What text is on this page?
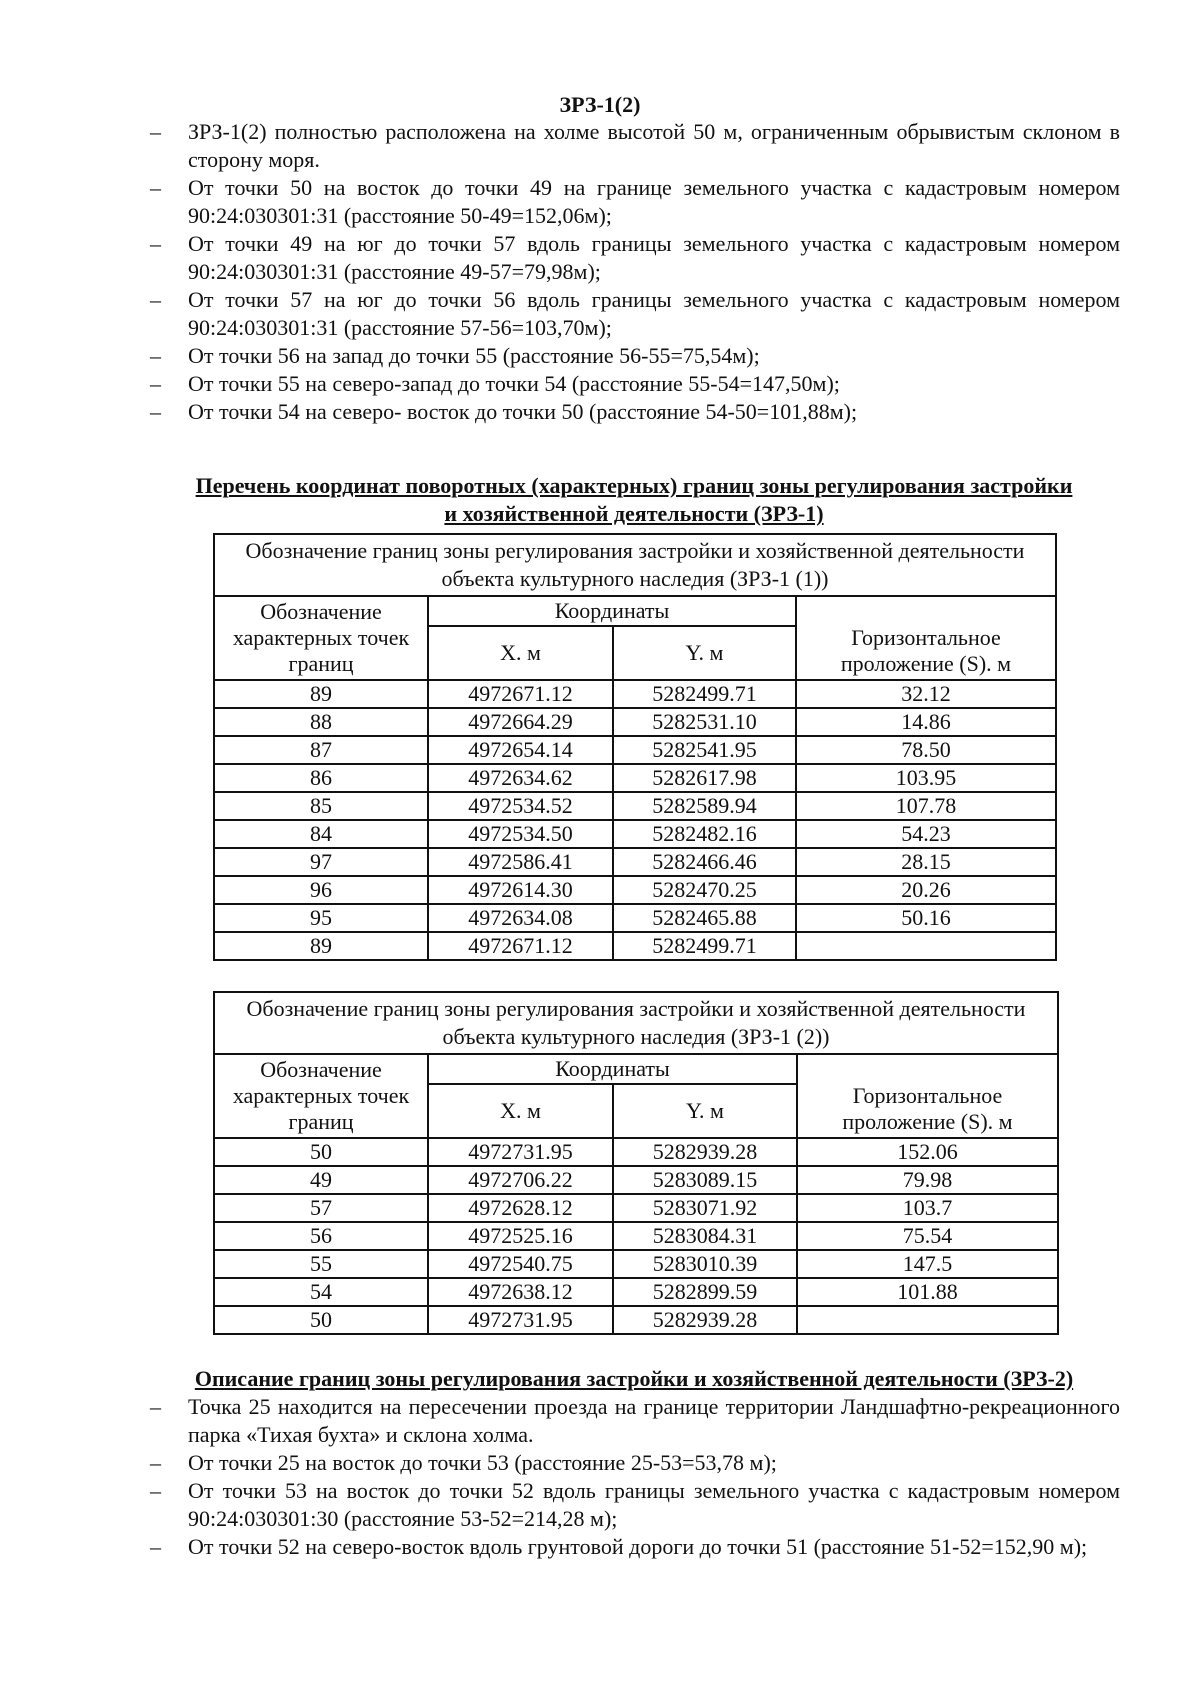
ЗРЗ-1(2)
– ЗРЗ-1(2) полностью расположена на холме высотой 50 м, ограниченным обрывистым склоном в сторону моря.
– От точки 50 на восток до точки 49 на границе земельного участка с кадастровым номером 90:24:030301:31 (расстояние 50-49=152,06м);
– От точки 49 на юг до точки 57 вдоль границы земельного участка с кадастровым номером 90:24:030301:31 (расстояние 49-57=79,98м);
– От точки 57 на юг до точки 56 вдоль границы земельного участка с кадастровым номером 90:24:030301:31 (расстояние 57-56=103,70м);
– От точки 56 на запад до точки 55 (расстояние 56-55=75,54м);
– От точки 55 на северо-запад до точки 54 (расстояние 55-54=147,50м);
– От точки 54 на северо- восток до точки 50 (расстояние 54-50=101,88м);
Перечень координат поворотных (характерных) границ зоны регулирования застройки
и хозяйственной деятельности (ЗРЗ-1)
Обозначение границ зоны регулирования застройки и хозяйственной деятельности объекта культурного наследия (ЗРЗ-1 (1))			
Обозначение характерных точек границ	Координаты		Горизонтальное проложение (S). м
	X. м	Y. м	
89	4972671.12	5282499.71	32.12
88	4972664.29	5282531.10	14.86
87	4972654.14	5282541.95	78.50
86	4972634.62	5282617.98	103.95
85	4972534.52	5282589.94	107.78
84	4972534.50	5282482.16	54.23
97	4972586.41	5282466.46	28.15
96	4972614.30	5282470.25	20.26
95	4972634.08	5282465.88	50.16
89	4972671.12	5282499.71	
Обозначение границ зоны регулирования застройки и хозяйственной деятельности объекта культурного наследия (ЗРЗ-1 (2))			
Обозначение характерных точек границ	Координаты		Горизонтальное проложение (S). м
	X. м	Y. м	
50	4972731.95	5282939.28	152.06
49	4972706.22	5283089.15	79.98
57	4972628.12	5283071.92	103.7
56	4972525.16	5283084.31	75.54
55	4972540.75	5283010.39	147.5
54	4972638.12	5282899.59	101.88
50	4972731.95	5282939.28	
Описание границ зоны регулирования застройки и хозяйственной деятельности (ЗРЗ-2)
– Точка 25 находится на пересечении проезда на границе территории Ландшафтно-рекреационного парка «Тихая бухта» и склона холма.
– От точки 25 на восток до точки 53 (расстояние 25-53=53,78 м);
– От точки 53 на восток до точки 52 вдоль границы земельного участка с кадастровым номером 90:24:030301:30 (расстояние 53-52=214,28 м);
– От точки 52 на северо-восток вдоль грунтовой дороги до точки 51 (расстояние 51-52=152,90 м);
